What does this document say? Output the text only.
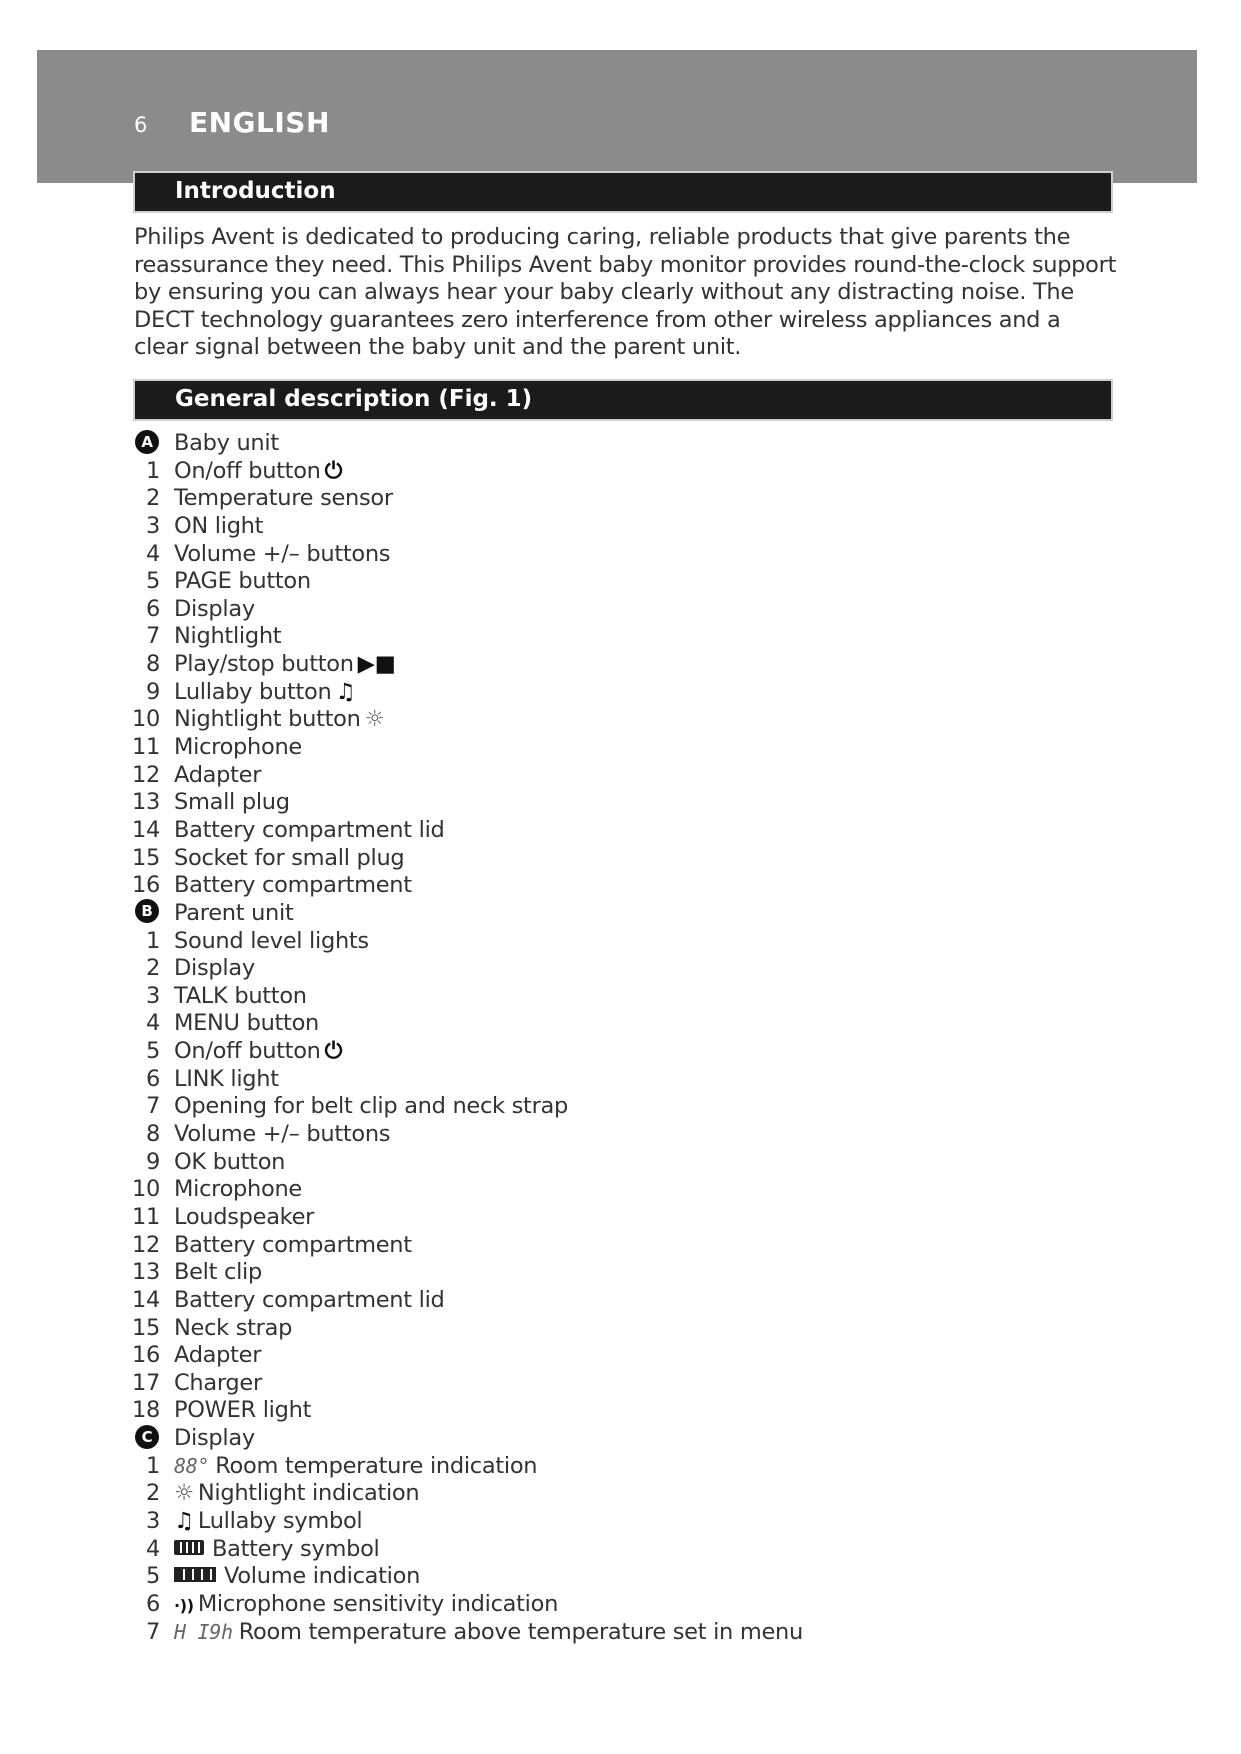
6 ENGLISH
Introduction
Philips Avent is dedicated to producing caring, reliable products that give parents the reassurance they need. This Philips Avent baby monitor provides round-the-clock support by ensuring you can always hear your baby clearly without any distracting noise. The DECT technology guarantees zero interference from other wireless appliances and a clear signal between the baby unit and the parent unit.
General description (Fig. 1)
A Baby unit
1 On/off button ⏻
2 Temperature sensor
3 ON light
4 Volume +/– buttons
5 PAGE button
6 Display
7 Nightlight
8 Play/stop button ▶■
9 Lullaby button ♫
10 Nightlight button ☼
11 Microphone
12 Adapter
13 Small plug
14 Battery compartment lid
15 Socket for small plug
16 Battery compartment
B Parent unit
1 Sound level lights
2 Display
3 TALK button
4 MENU button
5 On/off button ⏻
6 LINK light
7 Opening for belt clip and neck strap
8 Volume +/– buttons
9 OK button
10 Microphone
11 Loudspeaker
12 Battery compartment
13 Belt clip
14 Battery compartment lid
15 Neck strap
16 Adapter
17 Charger
18 POWER light
C Display
1 88° Room temperature indication
2 ☼ Nightlight indication
3 ♫ Lullaby symbol
4 Battery symbol
5	Volume indication
6 ·)) Microphone sensitivity indication
7 H I9h Room temperature above temperature set in menu
